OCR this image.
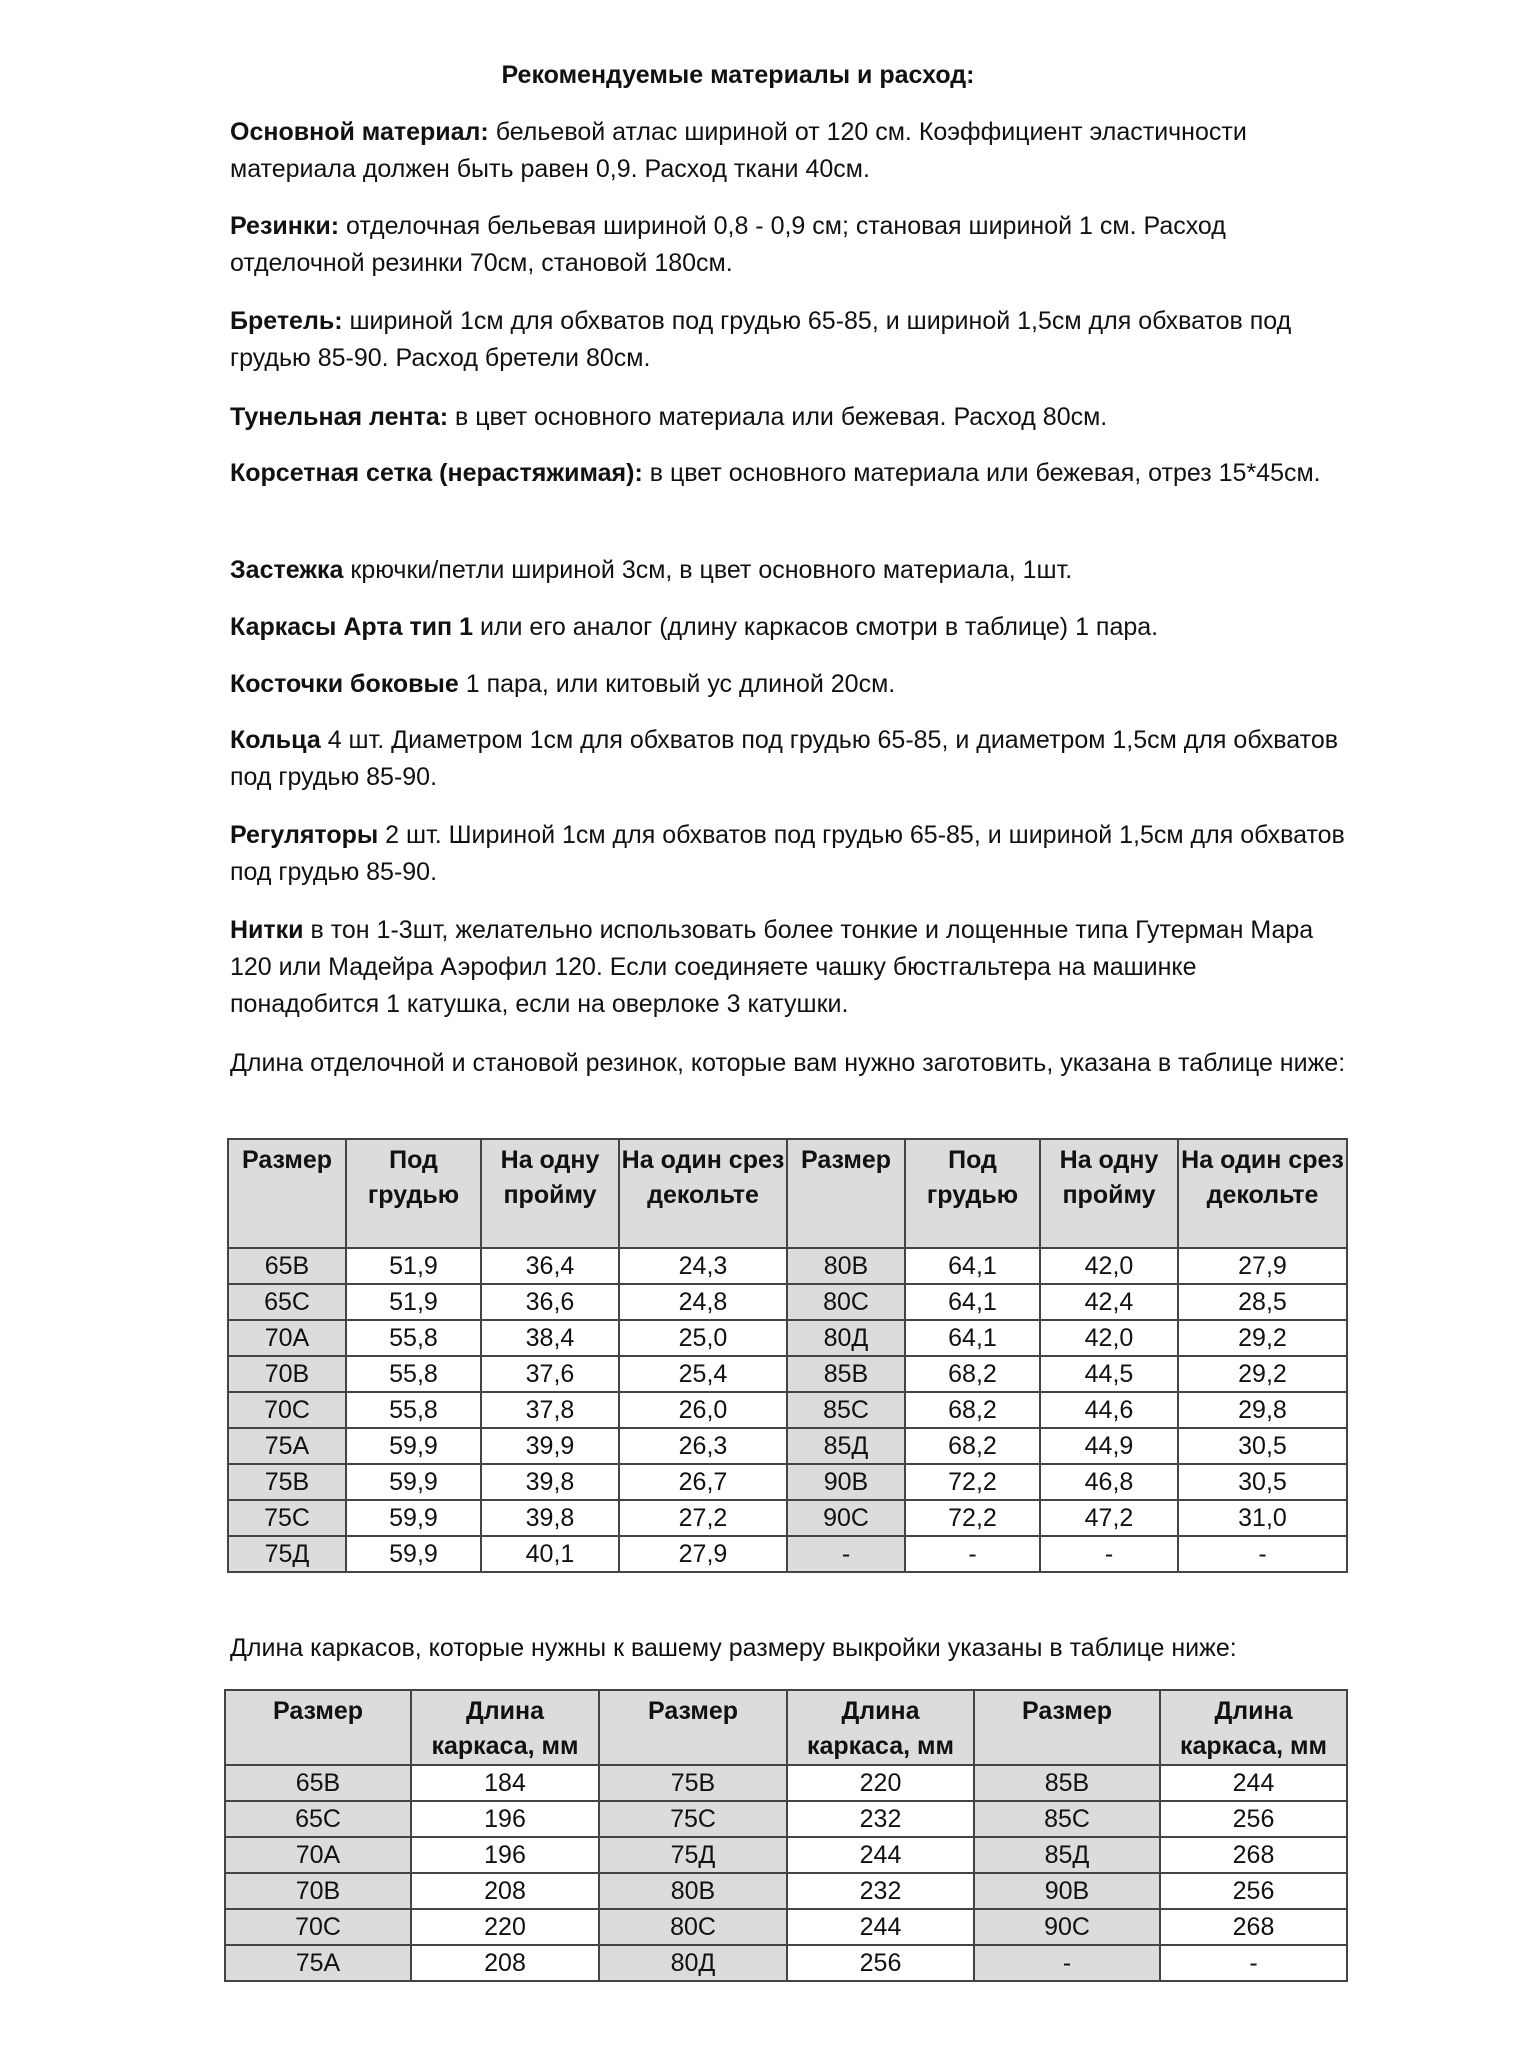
Рекомендуемые материалы и расход:

Основной материал: бельевой атлас шириной от 120 см. Коэффициент эластичности материала должен быть равен 0,9. Расход ткани 40см.

Резинки: отделочная бельевая шириной 0,8 - 0,9 см; становая шириной 1 см. Расход отделочной резинки 70см, становой 180см.

Бретель: шириной 1см для обхватов под грудью 65-85, и шириной 1,5см для обхватов под грудью 85-90. Расход бретели 80см.

Тунельная лента: в цвет основного материала или бежевая. Расход 80см.

Корсетная сетка (нерастяжимая): в цвет основного материала или бежевая, отрез 15*45см.

Застежка крючки/петли шириной 3см, в цвет основного материала, 1шт.

Каркасы Арта тип 1 или его аналог (длину каркасов смотри в таблице) 1 пара.

Косточки боковые 1 пара, или китовый ус длиной 20см.

Кольца 4 шт. Диаметром 1см для обхватов под грудью 65-85, и диаметром 1,5см для обхватов под грудью 85-90.

Регуляторы 2 шт. Шириной 1см для обхватов под грудью 65-85, и шириной 1,5см для обхватов под грудью 85-90.

Нитки в тон 1-3шт, желательно использовать более тонкие и лощенные типа Гутерман Мара 120 или Мадейра Аэрофил 120. Если соединяете чашку бюстгальтера на машинке понадобится 1 катушка, если на оверлоке 3 катушки.

Длина отделочной и становой резинок, которые вам нужно заготовить, указана в таблице ниже:

Размер	Под грудью	На одну пройму	На один срез декольте	Размер	Под грудью	На одну пройму	На один срез декольте
65B	51,9	36,4	24,3	80B	64,1	42,0	27,9
65C	51,9	36,6	24,8	80C	64,1	42,4	28,5
70A	55,8	38,4	25,0	80Д	64,1	42,0	29,2
70B	55,8	37,6	25,4	85B	68,2	44,5	29,2
70C	55,8	37,8	26,0	85C	68,2	44,6	29,8
75A	59,9	39,9	26,3	85Д	68,2	44,9	30,5
75B	59,9	39,8	26,7	90B	72,2	46,8	30,5
75C	59,9	39,8	27,2	90C	72,2	47,2	31,0
75Д	59,9	40,1	27,9	-	-	-	-

Длина каркасов, которые нужны к вашему размеру выкройки указаны в таблице ниже:

Размер	Длина каркаса, мм	Размер	Длина каркаса, мм	Размер	Длина каркаса, мм
65B	184	75B	220	85B	244
65C	196	75C	232	85C	256
70A	196	75Д	244	85Д	268
70B	208	80B	232	90B	256
70C	220	80C	244	90C	268
75A	208	80Д	256	-	-
